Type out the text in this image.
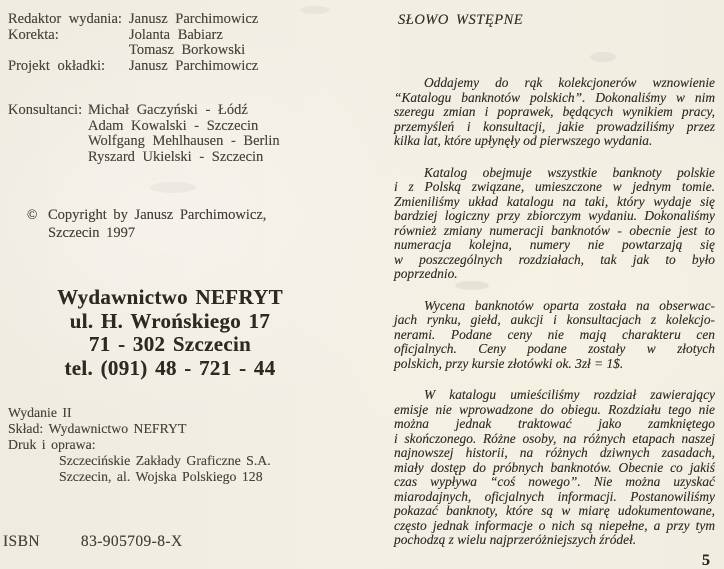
Redaktor wydania: Janusz Parchimowicz
Korekta:	Jolanta Babiarz
Tomasz Borkowski
Projekt okładki:	Janusz Parchimowicz
Konsultanci: Michał Gaczyński - Łódź
Adam Kowalski - Szczecin
Wolfgang Mehlhausen - Berlin
Ryszard Ukielski - Szczecin
© Copyright by Janusz Parchimowicz,
Szczecin 1997
Wydawnictwo NEFRYT
ul. H. Wrońskiego 17
71 - 302 Szczecin
tel. (091) 48 - 721 - 44
Wydanie II
Skład: Wydawnictwo NEFRYT
Druk i oprawa:
Szczecińskie Zakłady Graficzne S.A.
Szczecin, al. Wojska Polskiego 128
ISBN	83-905709-8-X
SŁOWO WSTĘPNE
Oddajemy do rąk kolekcjonerów wznowienie
“Katalogu banknotów polskich”. Dokonaliśmy w nim
szeregu zmian i poprawek, będących wynikiem pracy,
przemyśleń i konsultacji, jakie prowadziliśmy przez
kilka lat, które upłynęły od pierwszego wydania.
Katalog obejmuje wszystkie banknoty polskie
i z Polską związane, umieszczone w jednym tomie.
Zmieniliśmy układ katalogu na taki, który wydaje się
bardziej logiczny przy zbiorczym wydaniu. Dokonaliśmy
również zmiany numeracji banknotów - obecnie jest to
numeracja kolejna, numery nie powtarzają się
w poszczególnych rozdziałach, tak jak to było
poprzednio.
Wycena banknotów oparta została na obserwac-
jach rynku, giełd, aukcji i konsultacjach z kolekcjo-
nerami. Podane ceny nie mają charakteru cen
oficjalnych. Ceny podane zostały w złotych
polskich, przy kursie złotówki ok. 3zł = 1$.
W katalogu umieściliśmy rozdział zawierający
emisje nie wprowadzone do obiegu. Rozdziału tego nie
można jednak traktować jako zamkniętego
i skończonego. Różne osoby, na różnych etapach naszej
najnowszej historii, na różnych dziwnych zasadach,
miały dostęp do próbnych banknotów. Obecnie co jakiś
czas wypływa “coś nowego”. Nie można uzyskać
miarodajnych, oficjalnych informacji. Postanowiliśmy
pokazać banknoty, które są w miarę udokumentowane,
często jednak informacje o nich są niepełne, a przy tym
pochodzą z wielu najprzeróżniejszych źródeł.
5
